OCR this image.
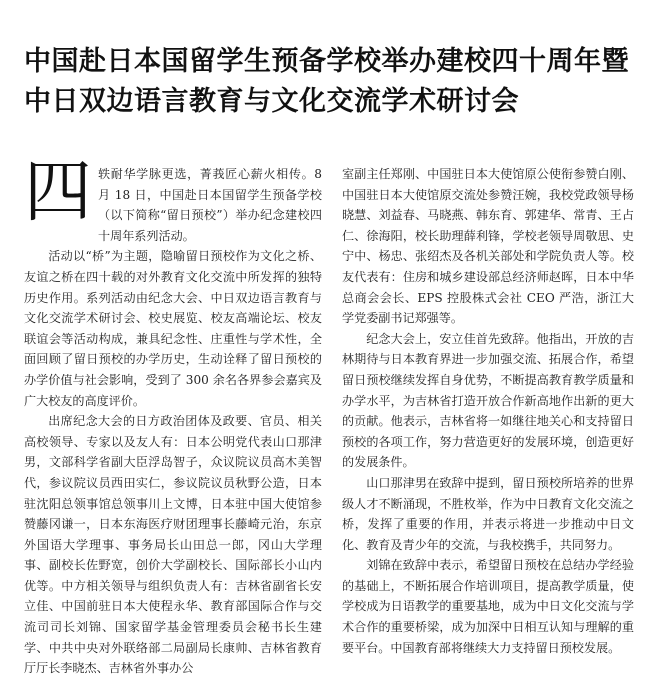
中国赴日本国留学生预备学校举办建校四十周年暨
中日双边语言教育与文化交流学术研讨会

四 轶耐华学脉更选，菁莪匠心薪火相传。8 月 18 日，中国赴日本国留学生预备学校（以下简称“留日预校”）举办纪念建校四十周年系列活动。

活动以“桥”为主题，隐喻留日预校作为文化之桥、友谊之桥在四十载的对外教育文化交流中所发挥的独特历史作用。系列活动由纪念大会、中日双边语言教育与文化交流学术研讨会、校史展览、校友高端论坛、校友联谊会等活动构成，兼具纪念性、庄重性与学术性，全面回顾了留日预校的办学历史，生动诠释了留日预校的办学价值与社会影响，受到了 300 余名各界参会嘉宾及广大校友的高度评价。

出席纪念大会的日方政治团体及政要、官员、相关高校领导、专家以及友人有：日本公明党代表山口那津男，文部科学省副大臣浮岛智子，众议院议员高木美智代，参议院议员西田实仁，参议院议员秋野公造，日本驻沈阳总领事馆总领事川上文博，日本驻中国大使馆参赞藤冈谦一，日本东海医疗财团理事长藤崎元治，东京外国语大学理事、事务局长山田总一郎，冈山大学理事、副校长佐野宽，创价大学副校长、国际部长小山内优等。中方相关领导与组织负责人有：吉林省副省长安立佳、中国前驻日本大使程永华、教育部国际合作与交流司司长刘锦、国家留学基金管理委员会秘书长生建学、中共中央对外联络部二局副局长康帅、吉林省教育厅厅长李晓杰、吉林省外事办公

室副主任郑刚、中国驻日本大使馆原公使衔参赞白刚、中国驻日本大使馆原交流处参赞汪婉，我校党政领导杨晓慧、刘益春、马晓燕、韩东育、郭建华、常青、王占仁、徐海阳，校长助理薛利锋，学校老领导周敬思、史宁中、杨忠、张绍杰及各机关部处和学院负责人等。校友代表有：住房和城乡建设部总经济师赵晖，日本中华总商会会长、EPS 控股株式会社 CEO 严浩，浙江大学党委副书记郑强等。

纪念大会上，安立佳首先致辞。他指出，开放的吉林期待与日本教育界进一步加强交流、拓展合作，希望留日预校继续发挥自身优势，不断提高教育教学质量和办学水平，为吉林省打造开放合作新高地作出新的更大的贡献。他表示，吉林省将一如继往地关心和支持留日预校的各项工作，努力营造更好的发展环境，创造更好的发展条件。

山口那津男在致辞中提到，留日预校所培养的世界级人才不断涌现，不胜枚举，作为中日教育文化交流之桥，发挥了重要的作用，并表示将进一步推动中日文化、教育及青少年的交流，与我校携手，共同努力。

刘锦在致辞中表示，希望留日预校在总结办学经验的基础上，不断拓展合作培训项目，提高教学质量，使学校成为日语教学的重要基地，成为中日文化交流与学术合作的重要桥梁，成为加深中日相互认知与理解的重要平台。中国教育部将继续大力支持留日预校发展。
